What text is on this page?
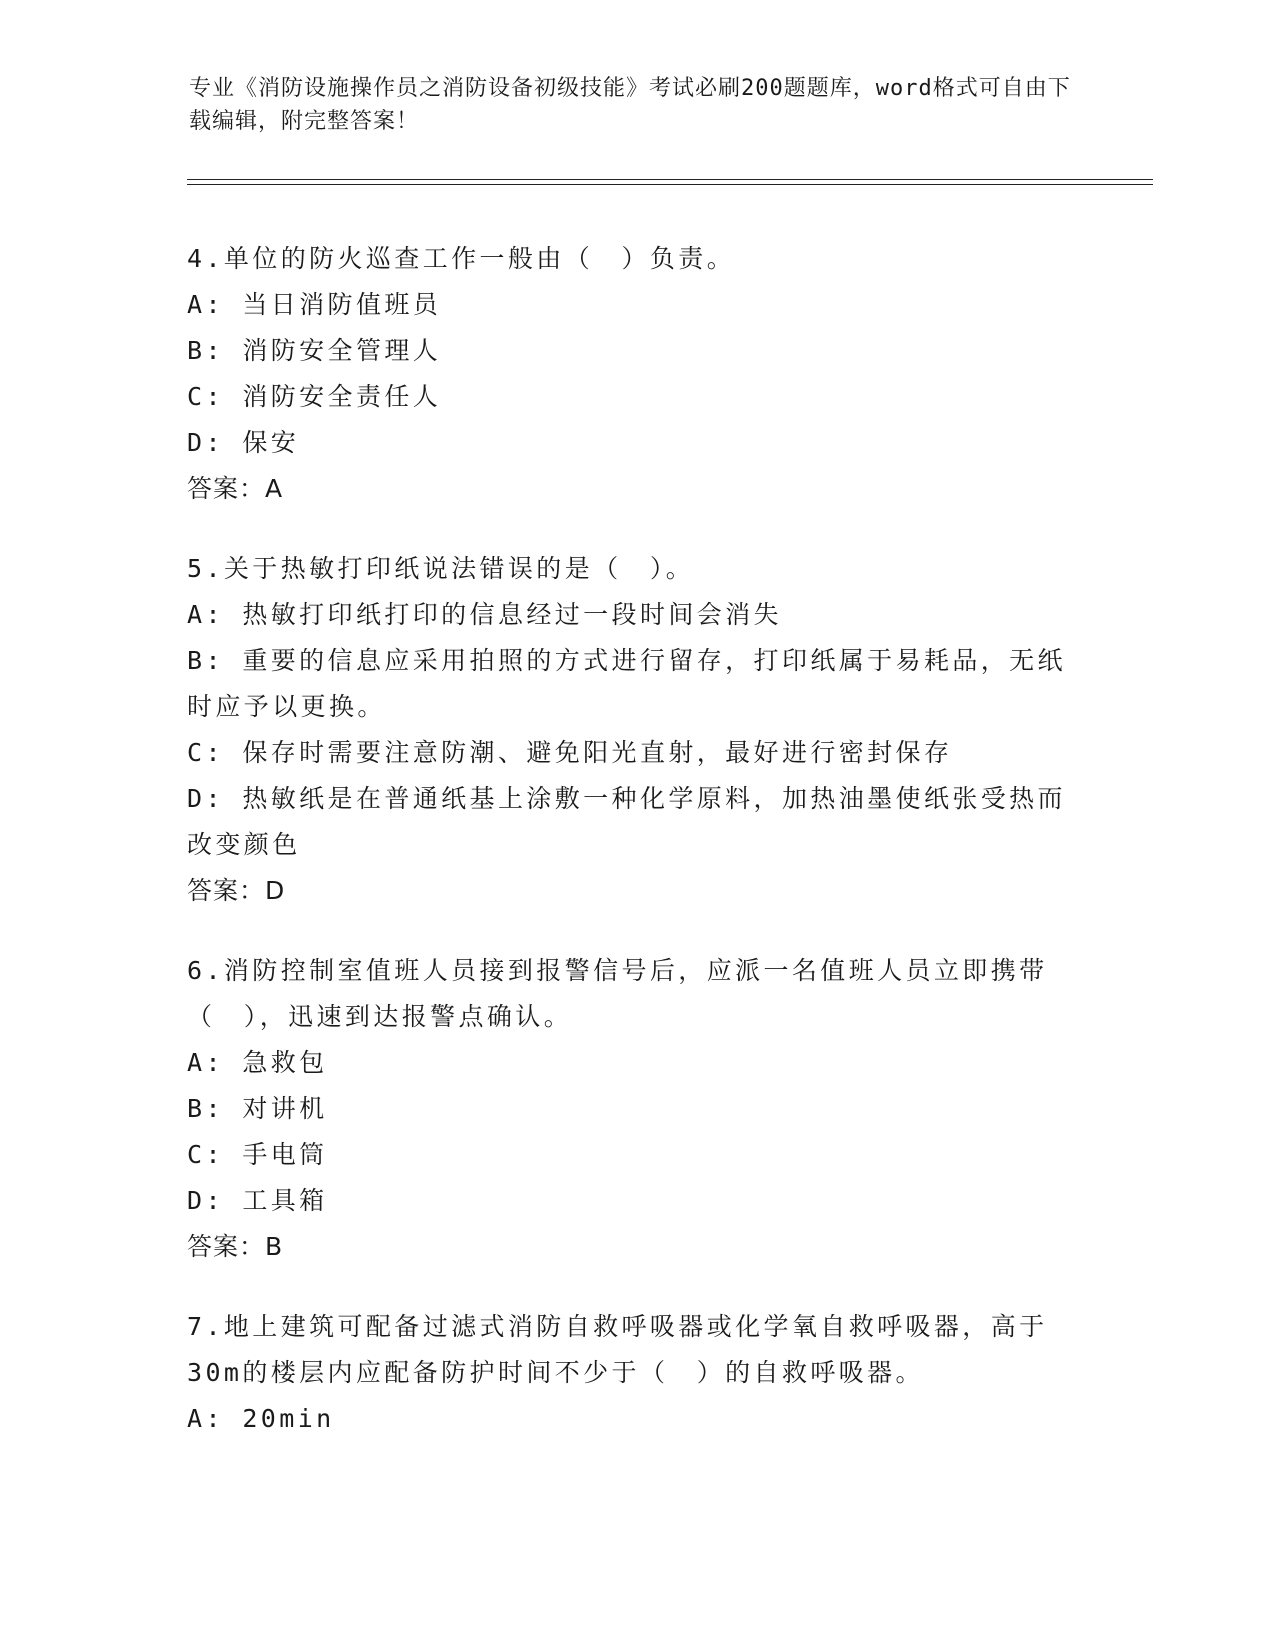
专业《消防设施操作员之消防设备初级技能》考试必刷200题题库，word格式可自由下载编辑，附完整答案！

4.单位的防火巡查工作一般由（　）负责。
A: 当日消防值班员
B: 消防安全管理人
C: 消防安全责任人
D: 保安
答案：A
5.关于热敏打印纸说法错误的是（　）。
A: 热敏打印纸打印的信息经过一段时间会消失
B: 重要的信息应采用拍照的方式进行留存，打印纸属于易耗品，无纸时应予以更换。
C: 保存时需要注意防潮、避免阳光直射，最好进行密封保存
D: 热敏纸是在普通纸基上涂敷一种化学原料，加热油墨使纸张受热而改变颜色
答案：D
6.消防控制室值班人员接到报警信号后，应派一名值班人员立即携带（　），迅速到达报警点确认。
A: 急救包
B: 对讲机
C: 手电筒
D: 工具箱
答案：B
7.地上建筑可配备过滤式消防自救呼吸器或化学氧自救呼吸器，高于30m的楼层内应配备防护时间不少于（　）的自救呼吸器。
A: 20min
